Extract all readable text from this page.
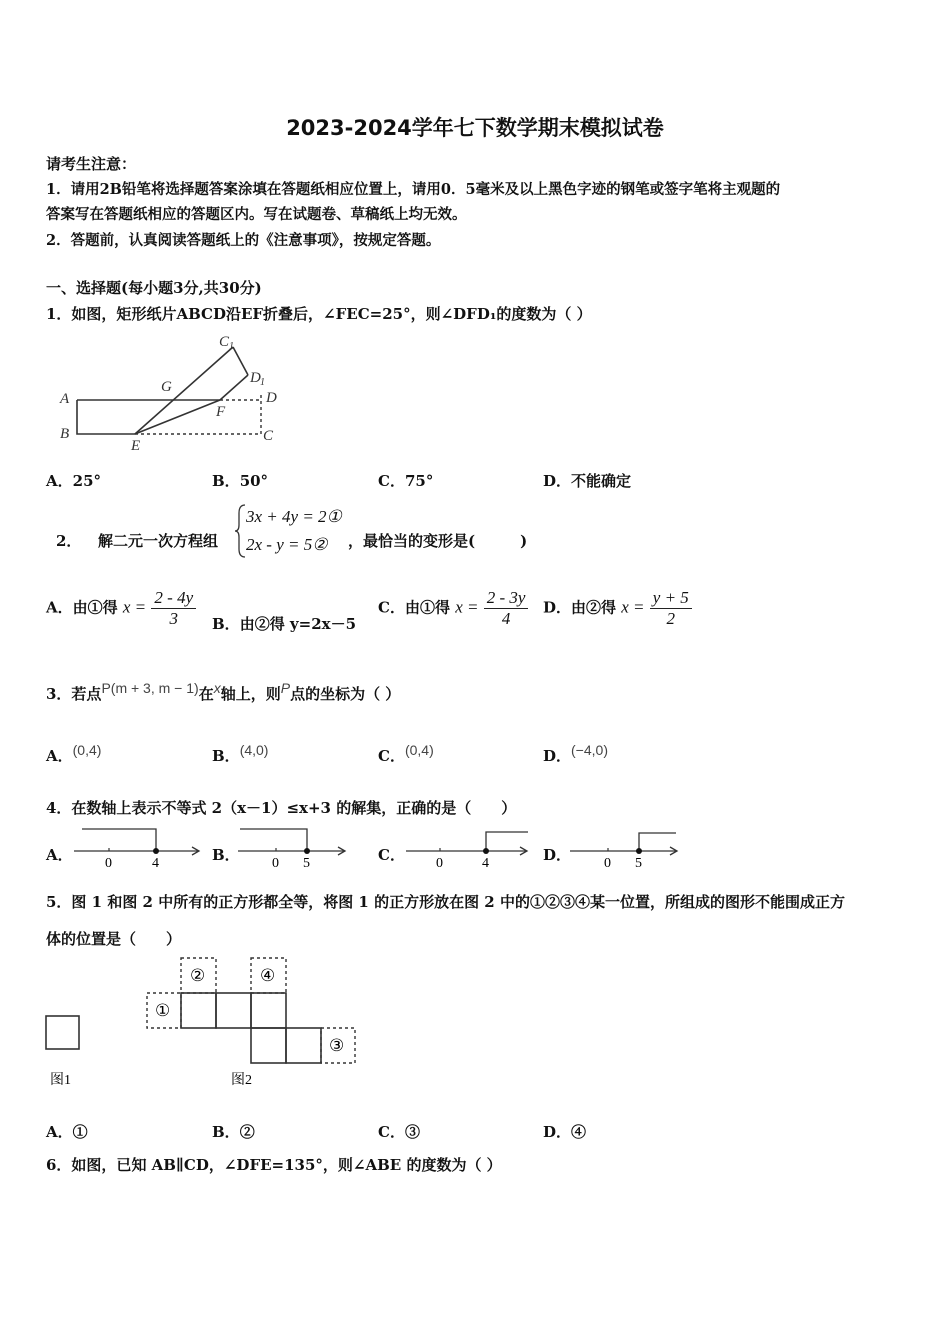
2023-2024学年七下数学期末模拟试卷
请考生注意：
1．请用2B铅笔将选择题答案涂填在答题纸相应位置上，请用0．5毫米及以上黑色字迹的钢笔或签字笔将主观题的
答案写在答题纸相应的答题区内。写在试题卷、草稿纸上均无效。
2．答题前，认真阅读答题纸上的《注意事项》，按规定答题。
一、选择题(每小题3分,共30分)
1．如图，矩形纸片ABCD沿EF折叠后，∠FEC=25°，则∠DFD₁的度数为（ ）
A
B	C
D
E
F
G
C 1
D 1
A．25°	B．50°	C．75°	D．不能确定
2． 解二元一次方程组
3x + 4y = 2①
2x - y = 5② ，最恰当的变形是(　　　)
A．由①得 $x = \frac{2 - 4y}{3}$ B．由②得 y=2x－5
C．由①得 $x = \frac{2 - 3y}{4}$ D．由②得 $x = \frac{y + 5}{2}$
3．若点P(m + 3, m − 1)在x轴上，则P点的坐标为（ ）
A．(0,4)	B．(4,0)	C．(0,4)	D．(−4,0)
4．在数轴上表示不等式 2（x－1）≤x+3 的解集，正确的是（　　）
A． 0	4	B． 0 5	C． 0	4	D． 0 5
5．图 1 和图 2 中所有的正方形都全等，将图 1 的正方形放在图 2 中的①②③④某一位置，所组成的图形不能围成正方
体的位置是（　　）
图1
①
②
③
④
图2
A．①	B．②	C．③	D．④
6．如图，已知 AB∥CD，∠DFE=135°，则∠ABE 的度数为（ ）
